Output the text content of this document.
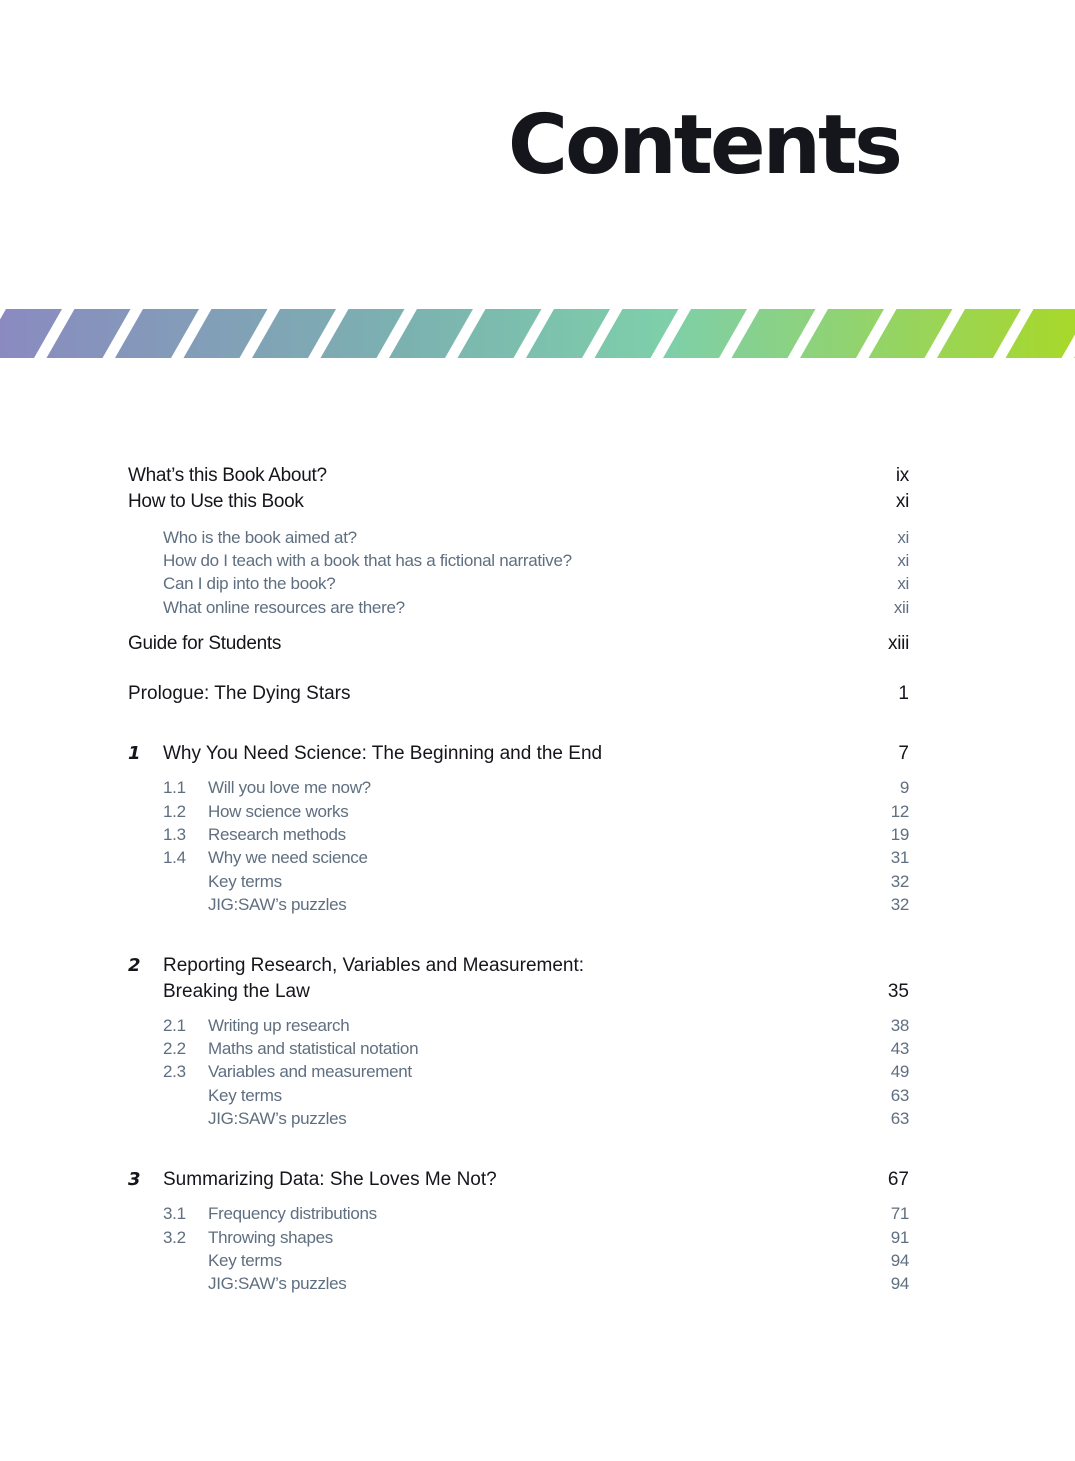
Contents
What’s this Book About?	ix
How to Use this Book	xi
Who is the book aimed at?	xi
How do I teach with a book that has a fictional narrative?	xi
Can I dip into the book?	xi
What online resources are there?	xii
Guide for Students	xiii
Prologue: The Dying Stars	1
1	Why You Need Science: The Beginning and the End	7
1.1	Will you love me now?	9
1.2	How science works	12
1.3	Research methods	19
1.4	Why we need science	31
Key terms	32
JIG:SAW’s puzzles	32
2	Reporting Research, Variables and Measurement:
Breaking the Law	35
2.1	Writing up research	38
2.2	Maths and statistical notation	43
2.3	Variables and measurement	49
Key terms	63
JIG:SAW’s puzzles	63
3	Summarizing Data: She Loves Me Not?	67
3.1	Frequency distributions	71
3.2	Throwing shapes	91
Key terms	94
JIG:SAW’s puzzles	94
